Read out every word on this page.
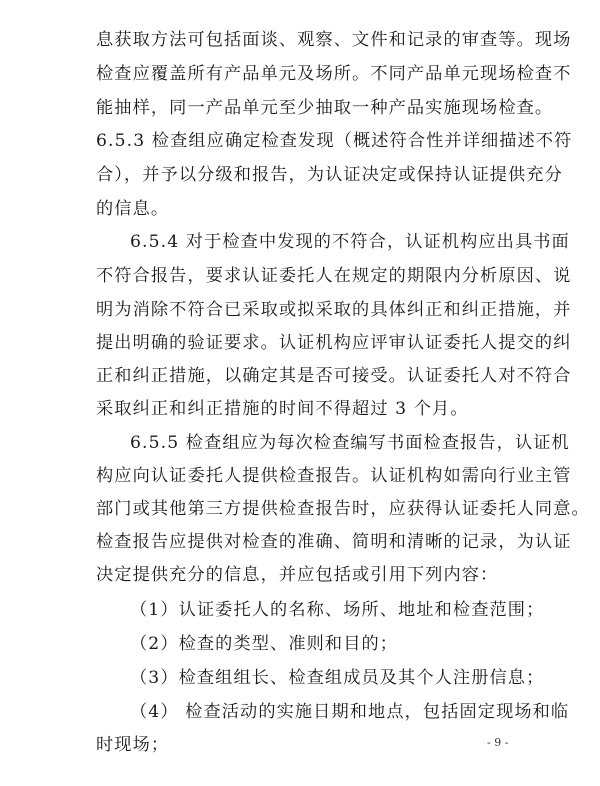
息获取方法可包括面谈、观察、文件和记录的审查等。现场
检查应覆盖所有产品单元及场所。不同产品单元现场检查不
能抽样，同一产品单元至少抽取一种产品实施现场检查。
6.5.3 检查组应确定检查发现（概述符合性并详细描述不符
合），并予以分级和报告，为认证决定或保持认证提供充分
的信息。
6.5.4 对于检查中发现的不符合，认证机构应出具书面
不符合报告，要求认证委托人在规定的期限内分析原因、说
明为消除不符合已采取或拟采取的具体纠正和纠正措施，并
提出明确的验证要求。认证机构应评审认证委托人提交的纠
正和纠正措施，以确定其是否可接受。认证委托人对不符合
采取纠正和纠正措施的时间不得超过 3 个月。
6.5.5 检查组应为每次检查编写书面检查报告，认证机
构应向认证委托人提供检查报告。认证机构如需向行业主管
部门或其他第三方提供检查报告时，应获得认证委托人同意。
检查报告应提供对检查的准确、简明和清晰的记录，为认证
决定提供充分的信息，并应包括或引用下列内容：
（1）认证委托人的名称、场所、地址和检查范围；
（2）检查的类型、准则和目的；
（3）检查组组长、检查组成员及其个人注册信息；
（4） 检查活动的实施日期和地点，包括固定现场和临
时现场；	- 9 -
